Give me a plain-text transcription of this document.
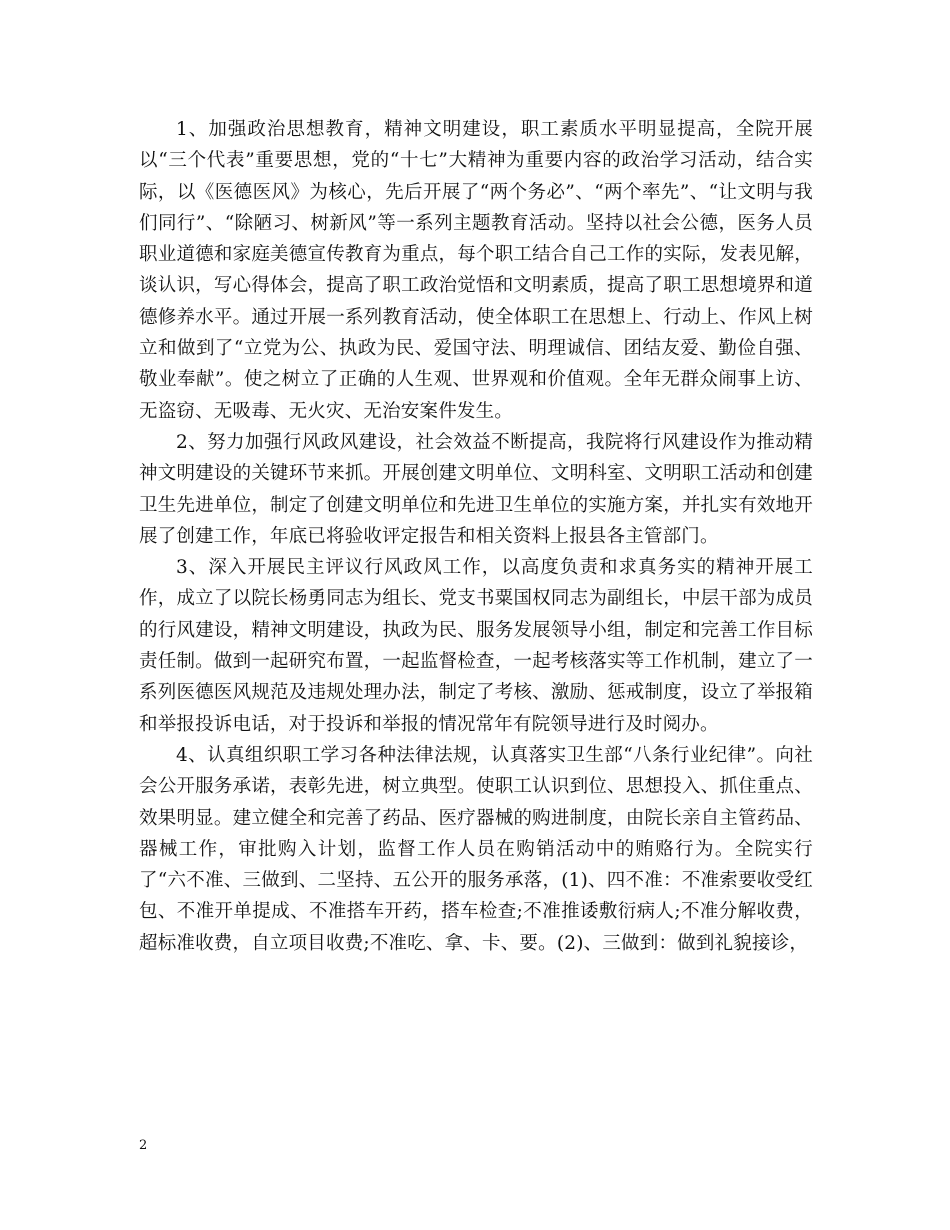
1、加强政治思想教育，精神文明建设，职工素质水平明显提高，全院开展以“三个代表”重要思想，党的“十七”大精神为重要内容的政治学习活动，结合实际，以《医德医风》为核心，先后开展了“两个务必”、“两个率先”、“让文明与我们同行”、“除陋习、树新风”等一系列主题教育活动。坚持以社会公德，医务人员职业道德和家庭美德宣传教育为重点，每个职工结合自己工作的实际，发表见解，谈认识，写心得体会，提高了职工政治觉悟和文明素质，提高了职工思想境界和道德修养水平。通过开展一系列教育活动，使全体职工在思想上、行动上、作风上树立和做到了“立党为公、执政为民、爱国守法、明理诚信、团结友爱、勤俭自强、敬业奉献”。使之树立了正确的人生观、世界观和价值观。全年无群众闹事上访、无盗窃、无吸毒、无火灾、无治安案件发生。

2、努力加强行风政风建设，社会效益不断提高，我院将行风建设作为推动精神文明建设的关键环节来抓。开展创建文明单位、文明科室、文明职工活动和创建卫生先进单位，制定了创建文明单位和先进卫生单位的实施方案，并扎实有效地开展了创建工作，年底已将验收评定报告和相关资料上报县各主管部门。

3、深入开展民主评议行风政风工作，以高度负责和求真务实的精神开展工作，成立了以院长杨勇同志为组长、党支书粟国权同志为副组长，中层干部为成员的行风建设，精神文明建设，执政为民、服务发展领导小组，制定和完善工作目标责任制。做到一起研究布置，一起监督检查，一起考核落实等工作机制，建立了一系列医德医风规范及违规处理办法，制定了考核、激励、惩戒制度，设立了举报箱和举报投诉电话，对于投诉和举报的情况常年有院领导进行及时阅办。

4、认真组织职工学习各种法律法规，认真落实卫生部“八条行业纪律”。向社会公开服务承诺，表彰先进，树立典型。使职工认识到位、思想投入、抓住重点、效果明显。建立健全和完善了药品、医疗器械的购进制度，由院长亲自主管药品、器械工作，审批购入计划，监督工作人员在购销活动中的贿赂行为。全院实行了“六不准、三做到、二坚持、五公开的服务承落，(1)、四不准：不准索要收受红包、不准开单提成、不准搭车开药，搭车检查;不准推诿敷衍病人;不准分解收费，超标准收费，自立项目收费;不准吃、拿、卡、要。(2)、三做到：做到礼貌接诊，

2
